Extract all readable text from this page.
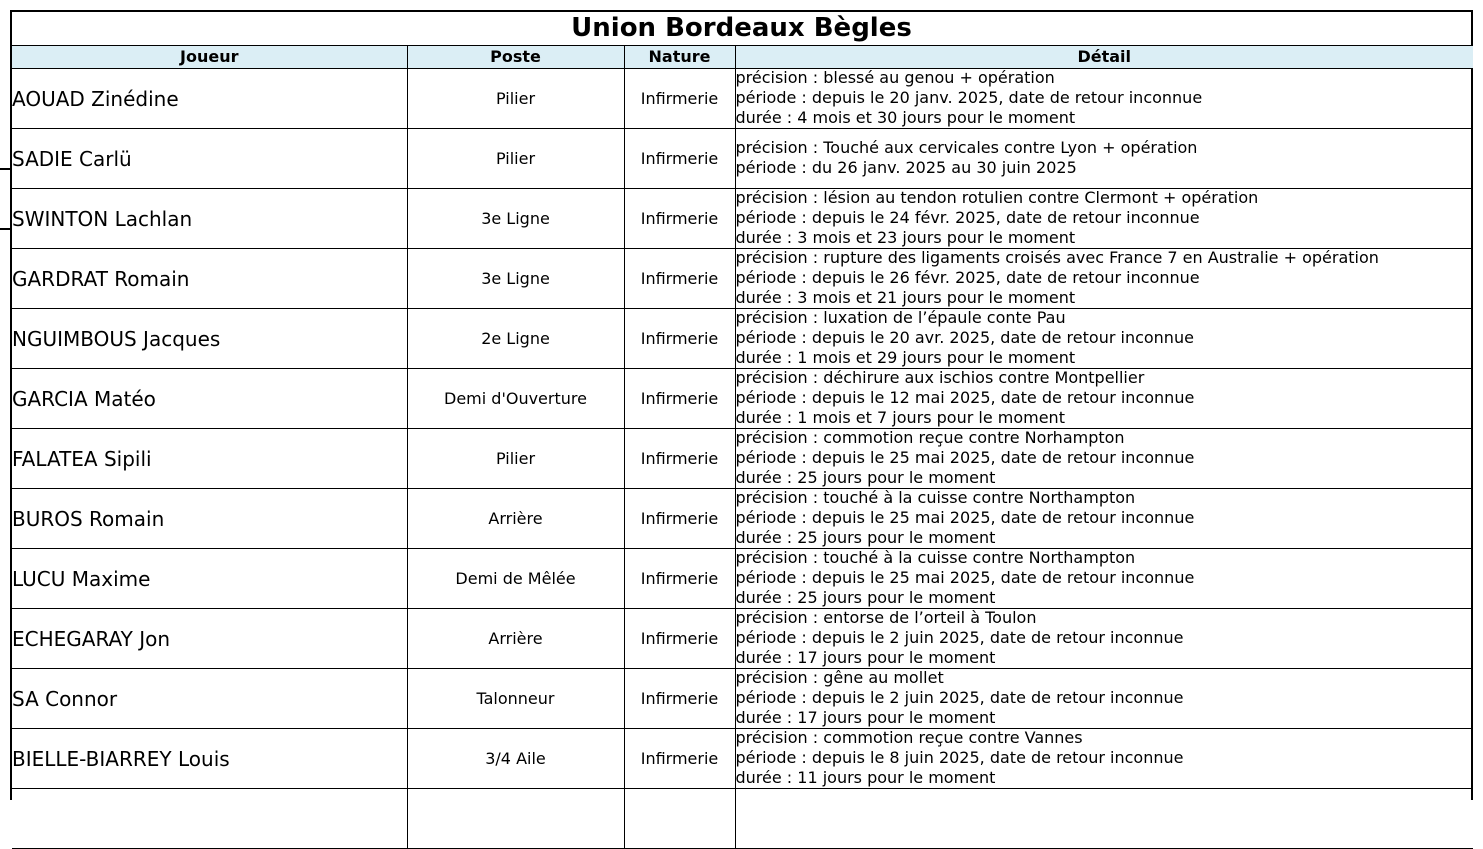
Union Bordeaux Bègles
Joueur	Poste	Nature	Détail
AOUAD Zinédine	Pilier	Infirmerie	précision : blessé au genou + opération
période : depuis le 20 janv. 2025, date de retour inconnue
durée : 4 mois et 30 jours pour le moment

SADIE Carlü	Pilier	Infirmerie	précision : Touché aux cervicales contre Lyon + opération
période : du 26 janv. 2025 au 30 juin 2025

SWINTON Lachlan	3e Ligne	Infirmerie	précision : lésion au tendon rotulien contre Clermont + opération
période : depuis le 24 févr. 2025, date de retour inconnue
durée : 3 mois et 23 jours pour le moment

GARDRAT Romain	3e Ligne	Infirmerie	précision : rupture des ligaments croisés avec France 7 en Australie + opération
période : depuis le 26 févr. 2025, date de retour inconnue
durée : 3 mois et 21 jours pour le moment

NGUIMBOUS Jacques	2e Ligne	Infirmerie	précision : luxation de l’épaule conte Pau
période : depuis le 20 avr. 2025, date de retour inconnue
durée : 1 mois et 29 jours pour le moment

GARCIA Matéo	Demi d'Ouverture	Infirmerie	précision : déchirure aux ischios contre Montpellier
période : depuis le 12 mai 2025, date de retour inconnue
durée : 1 mois et 7 jours pour le moment

FALATEA Sipili	Pilier	Infirmerie	précision : commotion reçue contre Norhampton
période : depuis le 25 mai 2025, date de retour inconnue
durée : 25 jours pour le moment

BUROS Romain	Arrière	Infirmerie	précision : touché à la cuisse contre Northampton
période : depuis le 25 mai 2025, date de retour inconnue
durée : 25 jours pour le moment

LUCU Maxime	Demi de Mêlée	Infirmerie	précision : touché à la cuisse contre Northampton
période : depuis le 25 mai 2025, date de retour inconnue
durée : 25 jours pour le moment

ECHEGARAY Jon	Arrière	Infirmerie	précision : entorse de l’orteil à Toulon
période : depuis le 2 juin 2025, date de retour inconnue
durée : 17 jours pour le moment

SA Connor	Talonneur	Infirmerie	précision : gêne au mollet
période : depuis le 2 juin 2025, date de retour inconnue
durée : 17 jours pour le moment

BIELLE-BIARREY Louis	3/4 Aile	Infirmerie	précision : commotion reçue contre Vannes
période : depuis le 8 juin 2025, date de retour inconnue
durée : 11 jours pour le moment
